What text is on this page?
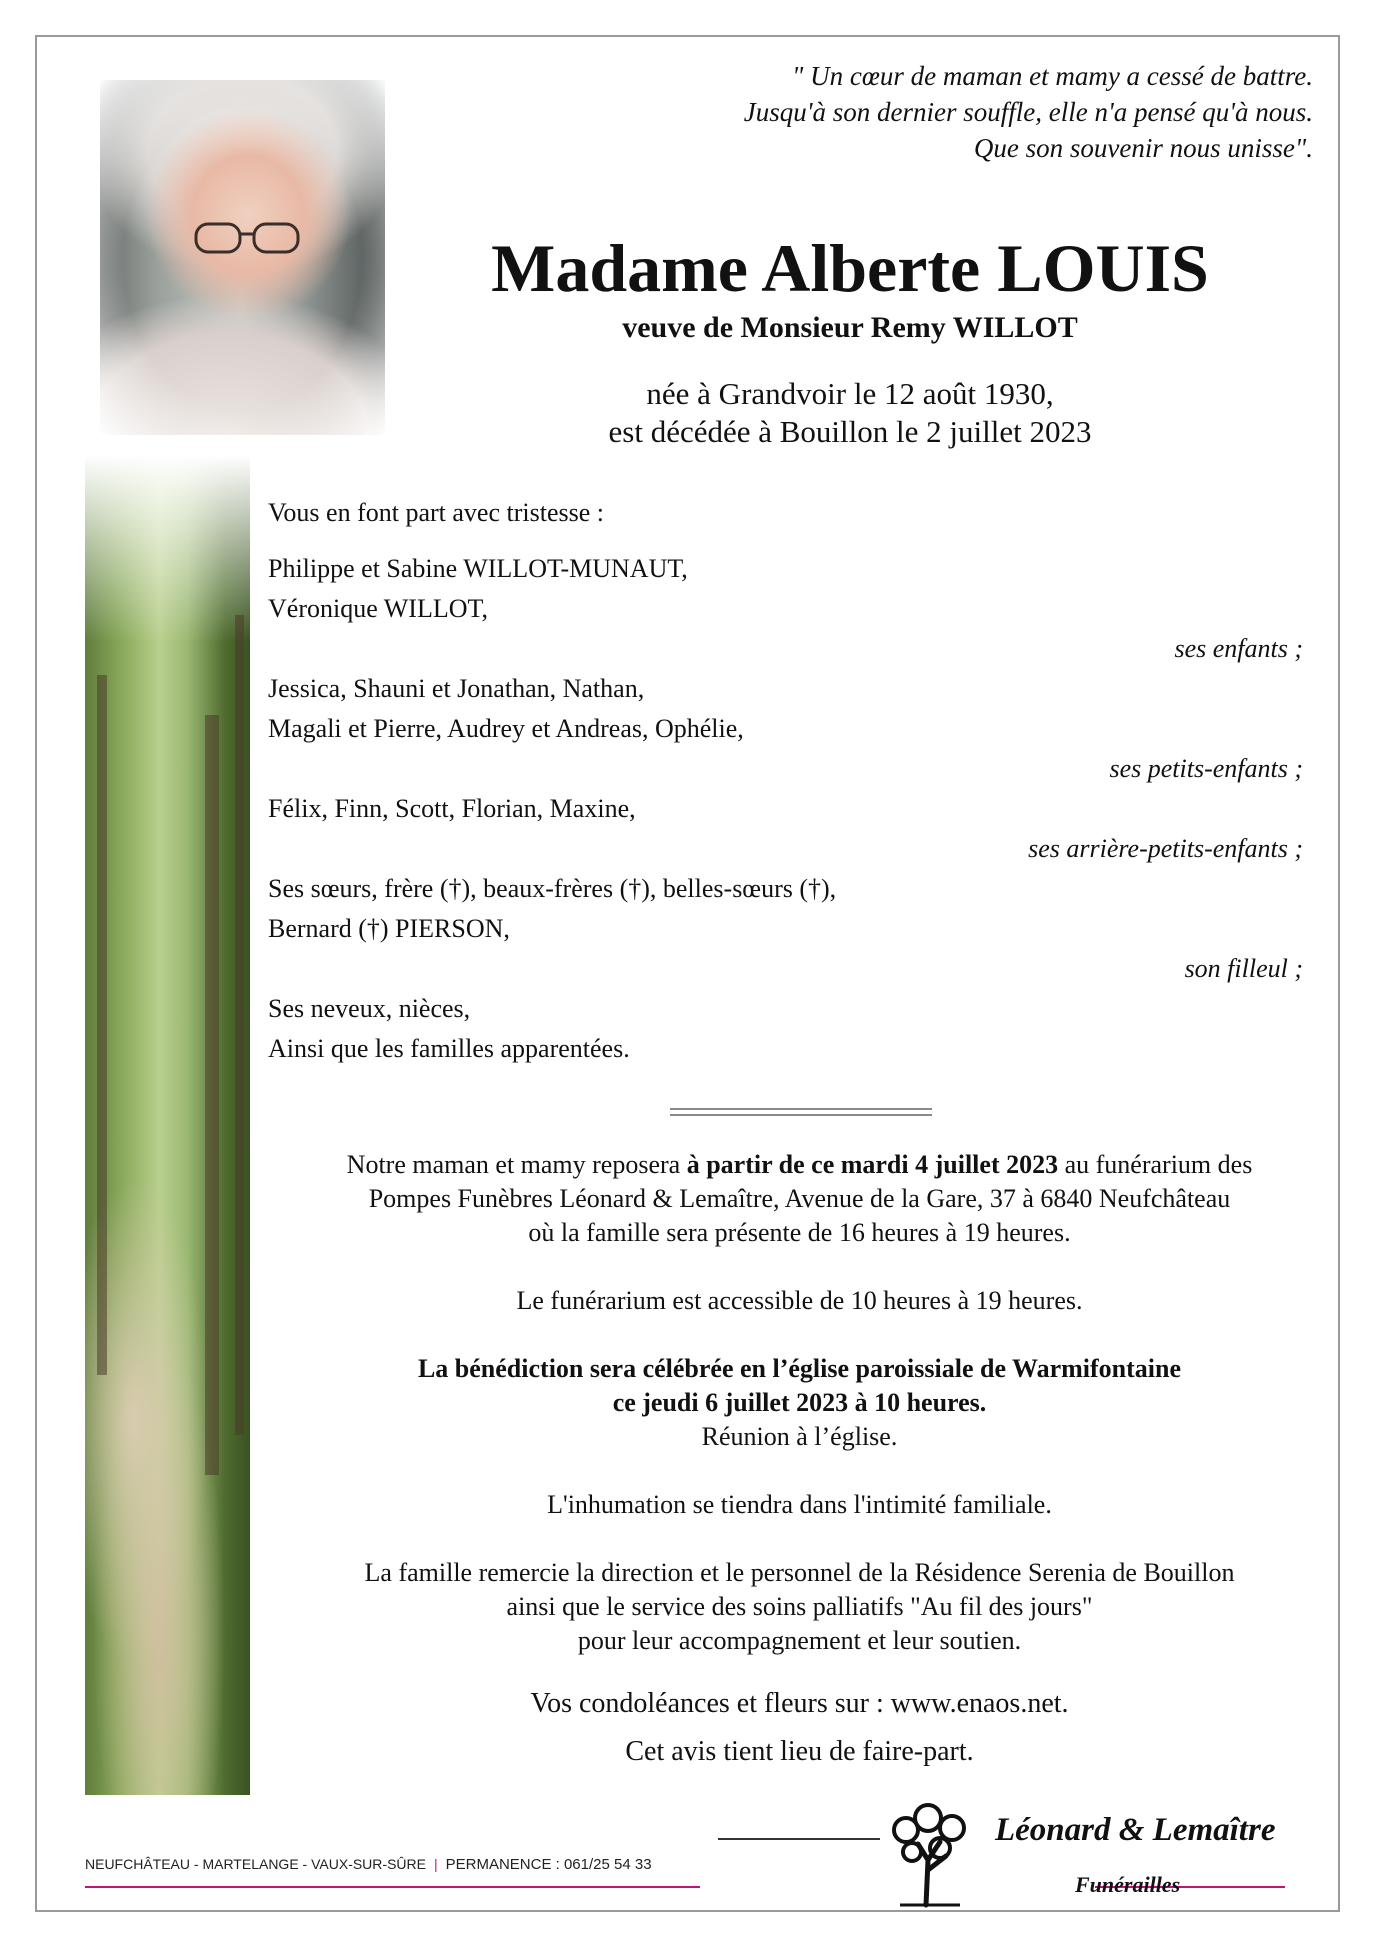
" Un cœur de maman et mamy a cessé de battre.
Jusqu'à son dernier souffle, elle n'a pensé qu'à nous.
Que son souvenir nous unisse".
Madame Alberte LOUIS
veuve de Monsieur Remy WILLOT
née à Grandvoir le 12 août 1930,
est décédée à Bouillon le 2 juillet 2023
Vous en font part avec tristesse :
Philippe et Sabine WILLOT-MUNAUT,
Véronique WILLOT,
ses enfants ;
Jessica, Shauni et Jonathan, Nathan,
Magali et Pierre, Audrey et Andreas, Ophélie,
ses petits-enfants ;
Félix, Finn, Scott, Florian, Maxine,
ses arrière-petits-enfants ;
Ses sœurs, frère (†), beaux-frères (†), belles-sœurs (†),
Bernard (†) PIERSON,
son filleul ;
Ses neveux, nièces,
Ainsi que les familles apparentées.
Notre maman et mamy reposera à partir de ce mardi 4 juillet 2023 au funérarium des
Pompes Funèbres Léonard & Lemaître, Avenue de la Gare, 37 à 6840 Neufchâteau
où la famille sera présente de 16 heures à 19 heures.
Le funérarium est accessible de 10 heures à 19 heures.
La bénédiction sera célébrée en l’église paroissiale de Warmifontaine
ce jeudi 6 juillet 2023 à 10 heures.
Réunion à l’église.
L'inhumation se tiendra dans l'intimité familiale.
La famille remercie la direction et le personnel de la Résidence Serenia de Bouillon
ainsi que le service des soins palliatifs "Au fil des jours"
pour leur accompagnement et leur soutien.
Vos condoléances et fleurs sur : www.enaos.net.
Cet avis tient lieu de faire-part.
NEUFCHÂTEAU - MARTELANGE - VAUX-SUR-SÛRE | PERMANENCE : 061/25 54 33
Léonard & Lemaître
Funérailles
